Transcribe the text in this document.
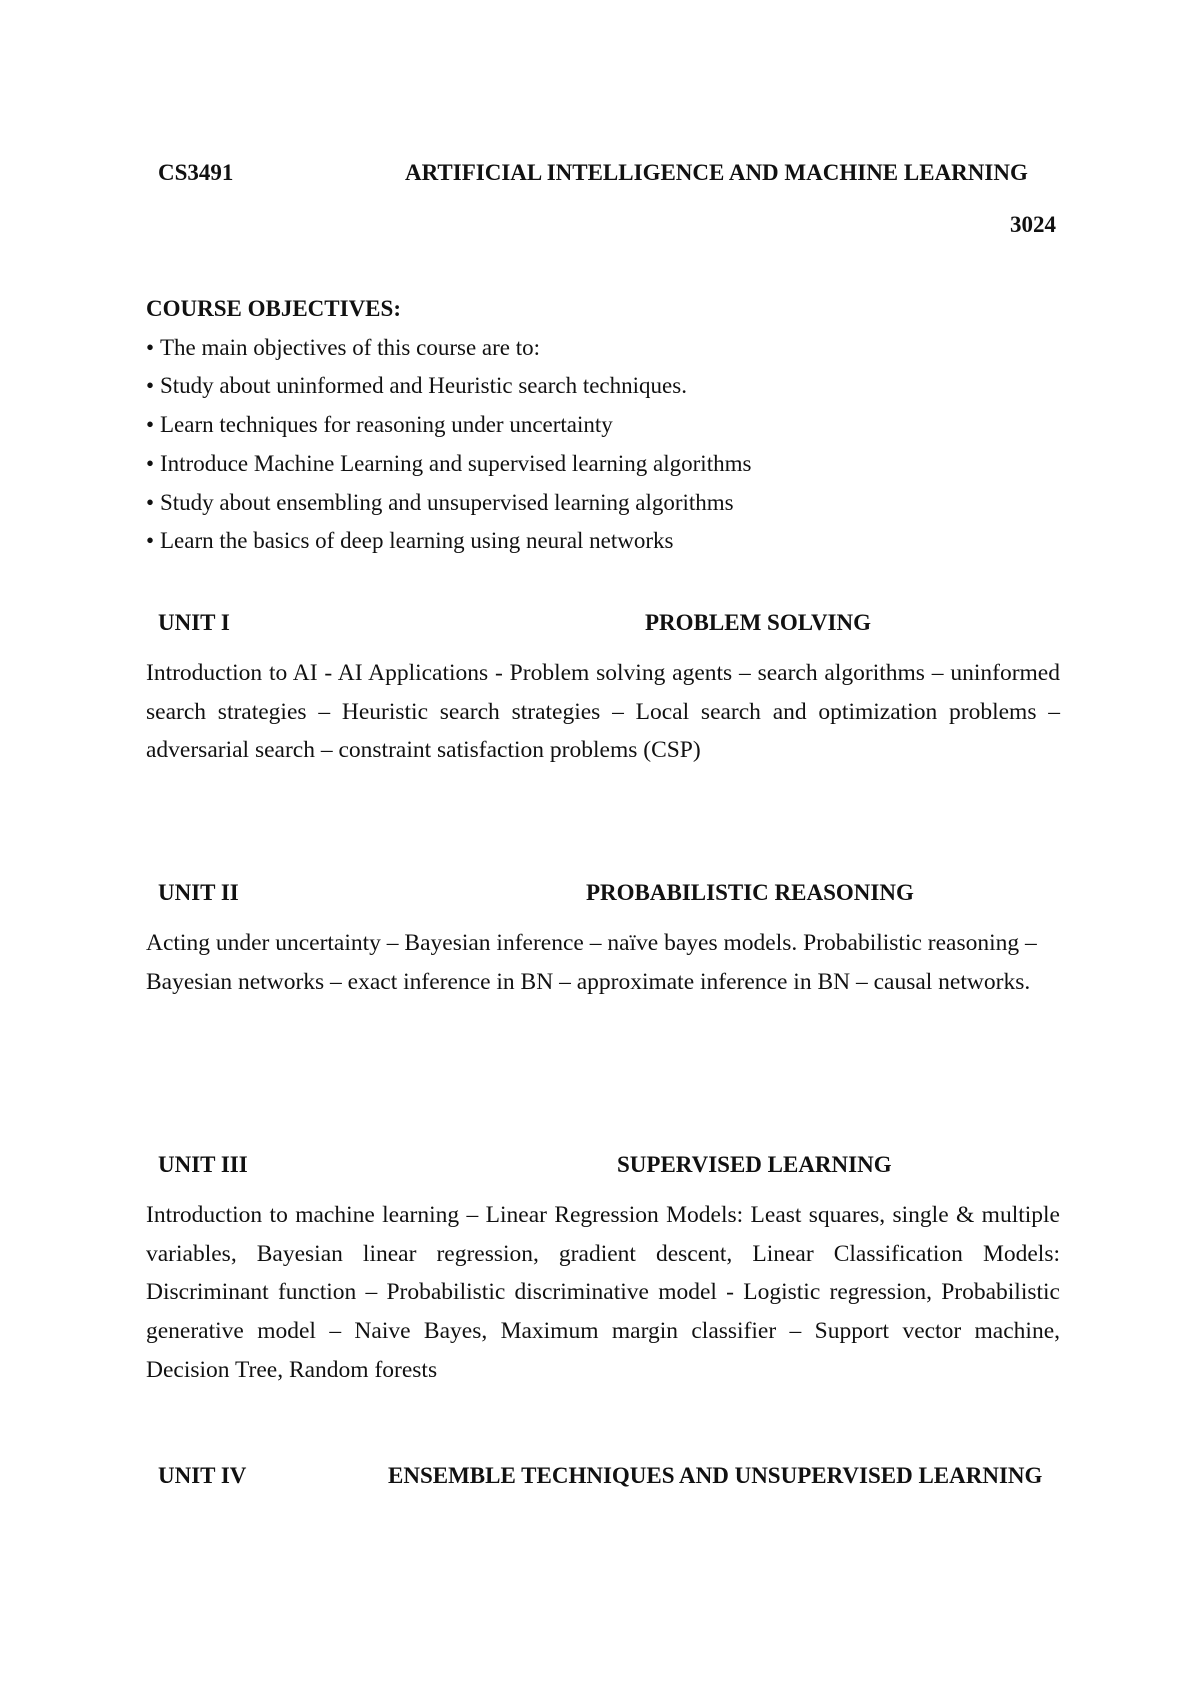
CS3491	ARTIFICIAL INTELLIGENCE AND MACHINE LEARNING
3024
COURSE OBJECTIVES:
• The main objectives of this course are to:
• Study about uninformed and Heuristic search techniques.
• Learn techniques for reasoning under uncertainty
• Introduce Machine Learning and supervised learning algorithms
• Study about ensembling and unsupervised learning algorithms
• Learn the basics of deep learning using neural networks
UNIT I	PROBLEM SOLVING

Introduction to AI - AI Applications - Problem solving agents – search algorithms – uninformed search strategies – Heuristic search strategies – Local search and optimization problems – adversarial search – constraint satisfaction problems (CSP)

UNIT II	PROBABILISTIC REASONING

Acting under uncertainty – Bayesian inference – naïve bayes models. Probabilistic reasoning – Bayesian networks – exact inference in BN – approximate inference in BN – causal networks.

UNIT III	SUPERVISED LEARNING

Introduction to machine learning – Linear Regression Models: Least squares, single & multiple variables, Bayesian linear regression, gradient descent, Linear Classification Models: Discriminant function – Probabilistic discriminative model - Logistic regression, Probabilistic generative model – Naive Bayes, Maximum margin classifier – Support vector machine, Decision Tree, Random forests

UNIT IV	ENSEMBLE TECHNIQUES AND UNSUPERVISED LEARNING
